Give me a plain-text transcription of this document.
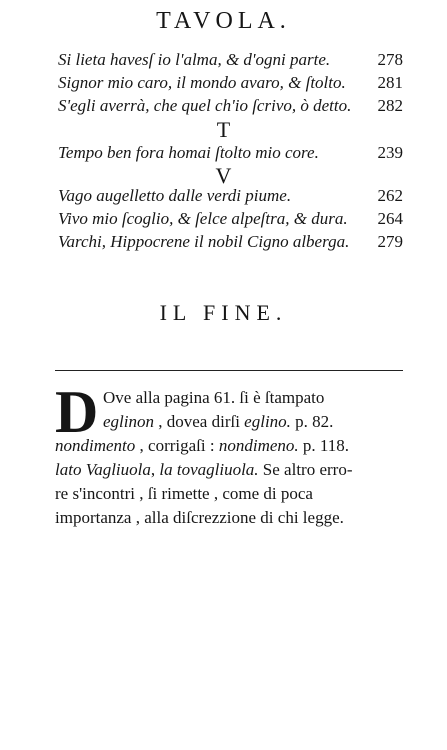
TAVOLA.
Si lieta havesſ io l'alma, & d'ogni parte.	278
Signor mio caro, il mondo avaro, & ſtolto. 281
S'egli averrà, che quel ch'io ſcrivo, ò detto. 282
T
Tempo ben fora homai ſtolto mio core.	239
V
Vago augelletto dalle verdi piume.	262
Vivo mio ſcoglio, & ſelce alpeſtra, & dura. 264
Varchi, Hippocrene il nobil Cigno alberga. 279
IL FINE.
D Ove alla pagina 61. ſi è ſtampato
eglinon , dovea dirſi eglino. p. 82.
nondimento , corrigaſi : nondimeno. p. 118.
lato Vagliuola, la tovagliuola. Se altro erro-
re s'incontri , ſi rimette , come di poca
importanza , alla diſcrezzione di chi legge.
